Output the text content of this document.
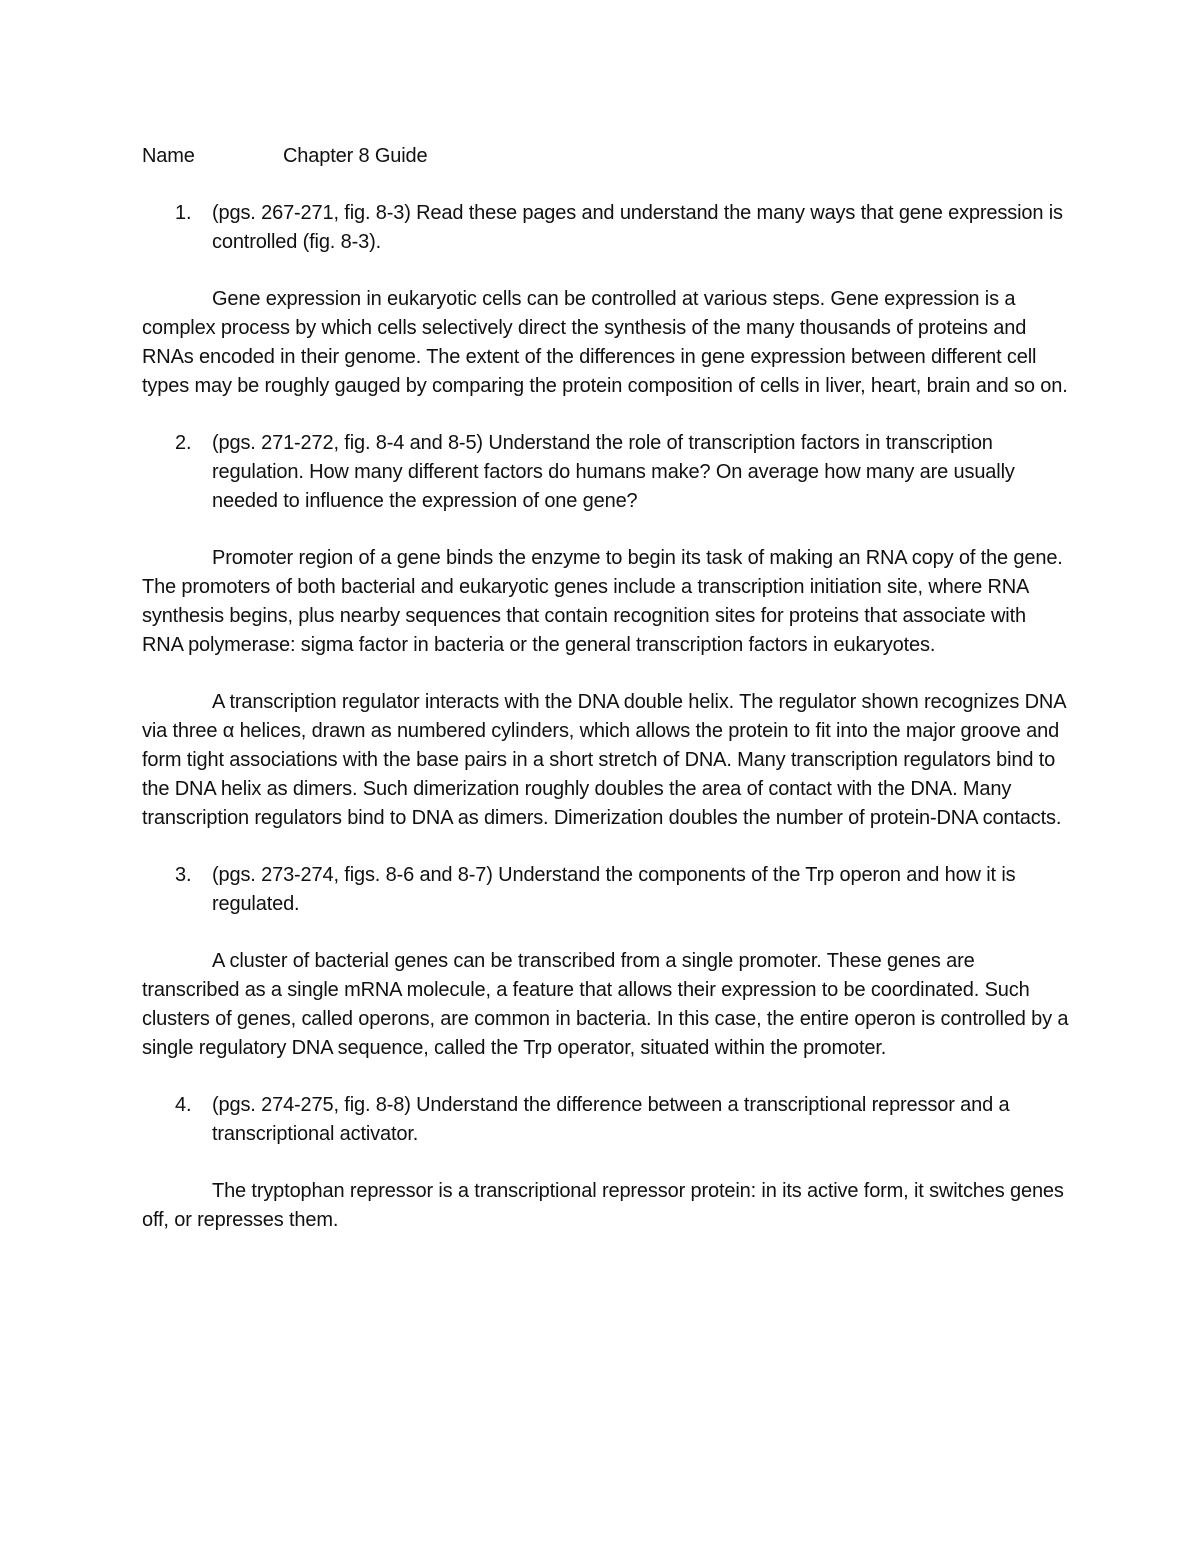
Name	Chapter 8 Guide
1. (pgs. 267-271, fig. 8-3) Read these pages and understand the many ways that gene expression is controlled (fig. 8-3).

Gene expression in eukaryotic cells can be controlled at various steps. Gene expression is a complex process by which cells selectively direct the synthesis of the many thousands of proteins and RNAs encoded in their genome. The extent of the differences in gene expression between different cell types may be roughly gauged by comparing the protein composition of cells in liver, heart, brain and so on.

2. (pgs. 271-272, fig. 8-4 and 8-5) Understand the role of transcription factors in transcription regulation. How many different factors do humans make? On average how many are usually needed to influence the expression of one gene?

Promoter region of a gene binds the enzyme to begin its task of making an RNA copy of the gene. The promoters of both bacterial and eukaryotic genes include a transcription initiation site, where RNA synthesis begins, plus nearby sequences that contain recognition sites for proteins that associate with RNA polymerase: sigma factor in bacteria or the general transcription factors in eukaryotes.

A transcription regulator interacts with the DNA double helix. The regulator shown recognizes DNA via three α helices, drawn as numbered cylinders, which allows the protein to fit into the major groove and form tight associations with the base pairs in a short stretch of DNA. Many transcription regulators bind to the DNA helix as dimers. Such dimerization roughly doubles the area of contact with the DNA. Many transcription regulators bind to DNA as dimers. Dimerization doubles the number of protein-DNA contacts.

3. (pgs. 273-274, figs. 8-6 and 8-7) Understand the components of the Trp operon and how it is regulated.

A cluster of bacterial genes can be transcribed from a single promoter. These genes are transcribed as a single mRNA molecule, a feature that allows their expression to be coordinated. Such clusters of genes, called operons, are common in bacteria. In this case, the entire operon is controlled by a single regulatory DNA sequence, called the Trp operator, situated within the promoter.

4. (pgs. 274-275, fig. 8-8) Understand the difference between a transcriptional repressor and a transcriptional activator.

The tryptophan repressor is a transcriptional repressor protein: in its active form, it switches genes off, or represses them.
